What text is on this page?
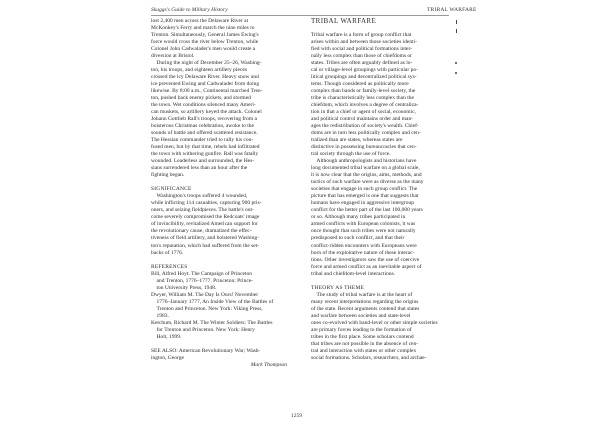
Skaggs's Guide to Military History	TRIBAL WARFARE
lost 2,400 men across the Delaware River at
McKonkey's Ferry and march the nine miles to
Trenton. Simultaneously, General James Ewing's
force would cross the river below Trenton, while
Colonel John Cadwalader's men would create a
diversion at Bristol.
 During the night of December 25–26, Washing-
ton, his troops, and eighteen artillery pieces
crossed the icy Delaware River. Heavy snow and
ice prevented Ewing and Cadwalader from doing
likewise. By 8:00 a.m., Continental marched Tren-
ton, pushed back enemy pickets, and stormed
the town. Wet conditions silenced many Ameri-
can muskets, so artillery keyed the attack. Colonel
Johann Gottlieb Rall's troops, recovering from a
boisterous Christmas celebration, awoke to the
sounds of battle and offered scattered resistance.
The Hessian commander tried to rally his con-
fused men, but by that time, rebels had infiltrated
the town with withering gunfire. Rall was fatally
wounded. Leaderless and surrounded, the Hes-
sians surrendered less than an hour after the
fighting began.

SIGNIFICANCE
 Washington's troops suffered 4 wounded,
while inflicting 114 casualties, capturing 900 pris-
oners, and seizing fieldpieces. The battle's out-
come severely compromised the Redcoats' image
of invincibility, revitalized American support for
the revolutionary cause, dramatized the effec-
tiveness of field artillery, and bolstered Washing-
ton's reputation, which had suffered from the set-
backs of 1776.

REFERENCES
Bill, Alfred Hoyt. The Campaign of Princeton
 and Trenton, 1776–1777. Princeton: Prince-
 ton University Press, 1948.
Dwyer, William M. The Day Is Ours! November
 1776–January 1777, An Inside View of the Battles of
 Trenton and Princeton. New York: Viking Press,
 1983.
Ketchum, Richard M. The Winter Soldiers: The Battles
 for Trenton and Princeton. New York: Henry
 Holt, 1999.

SEE ALSO: American Revolutionary War; Wash-
ington, George
Mark Thompson
TRIBAL WARFARE

Tribal warfare is a form of group conflict that
arises within and between those societies identi-
fied with social and political formations inter-
nally less complex than those of chiefdoms or
states. Tribes are often arguably defined as lo-
cal or village-level groupings with particular po-
litical groupings and decentralized political sys-
tems. Though considered as politically more
complex than bands or family-level society, the
tribe is characteristically less complex than the
chiefdom, which involves a degree of centraliza-
tion in that a chief or agent of social, economic,
and political control maintains order and man-
ages the redistribution of society's wealth. Chief-
doms are in turn less politically complex and cen-
tralized than are states, whereas states are
distinctive in possessing bureaucracies that cen-
tral society through the use of force.
 Although anthropologists and historians have
long documented tribal warfare on a global scale,
it is now clear that the origins, aims, methods, and
tactics of such warfare were as diverse as the many
societies that engage in such group conflict. The
picture that has emerged is one that suggests that
humans have engaged in aggressive intergroup
conflict for the better part of the last 100,000 years
or so. Although many tribes participated in
armed conflicts with European colonists, it was
once thought that such tribes were not naturally
predisposed to such conflict, and that their
conflict-ridden encounters with Europeans were
born of the exploitative nature of these interac-
tions. Other investigators saw the use of coercive
force and armed conflict as an inevitable aspect of
tribal and chiefdom-level interactions.

THEORY AS THEME
 The study of tribal warfare is at the heart of
many recent interpretations regarding the origins
of the state. Recent arguments contend that states
and warfare between societies and state-level
ones co-evolved with band-level or other simple societies
are primary forces leading to the formation of
tribes in the first place. Some scholars contend
that tribes are not possible in the absence of cen-
tral and interaction with states or other complex
social formations. Scholars, researchers, and archae-
1259
